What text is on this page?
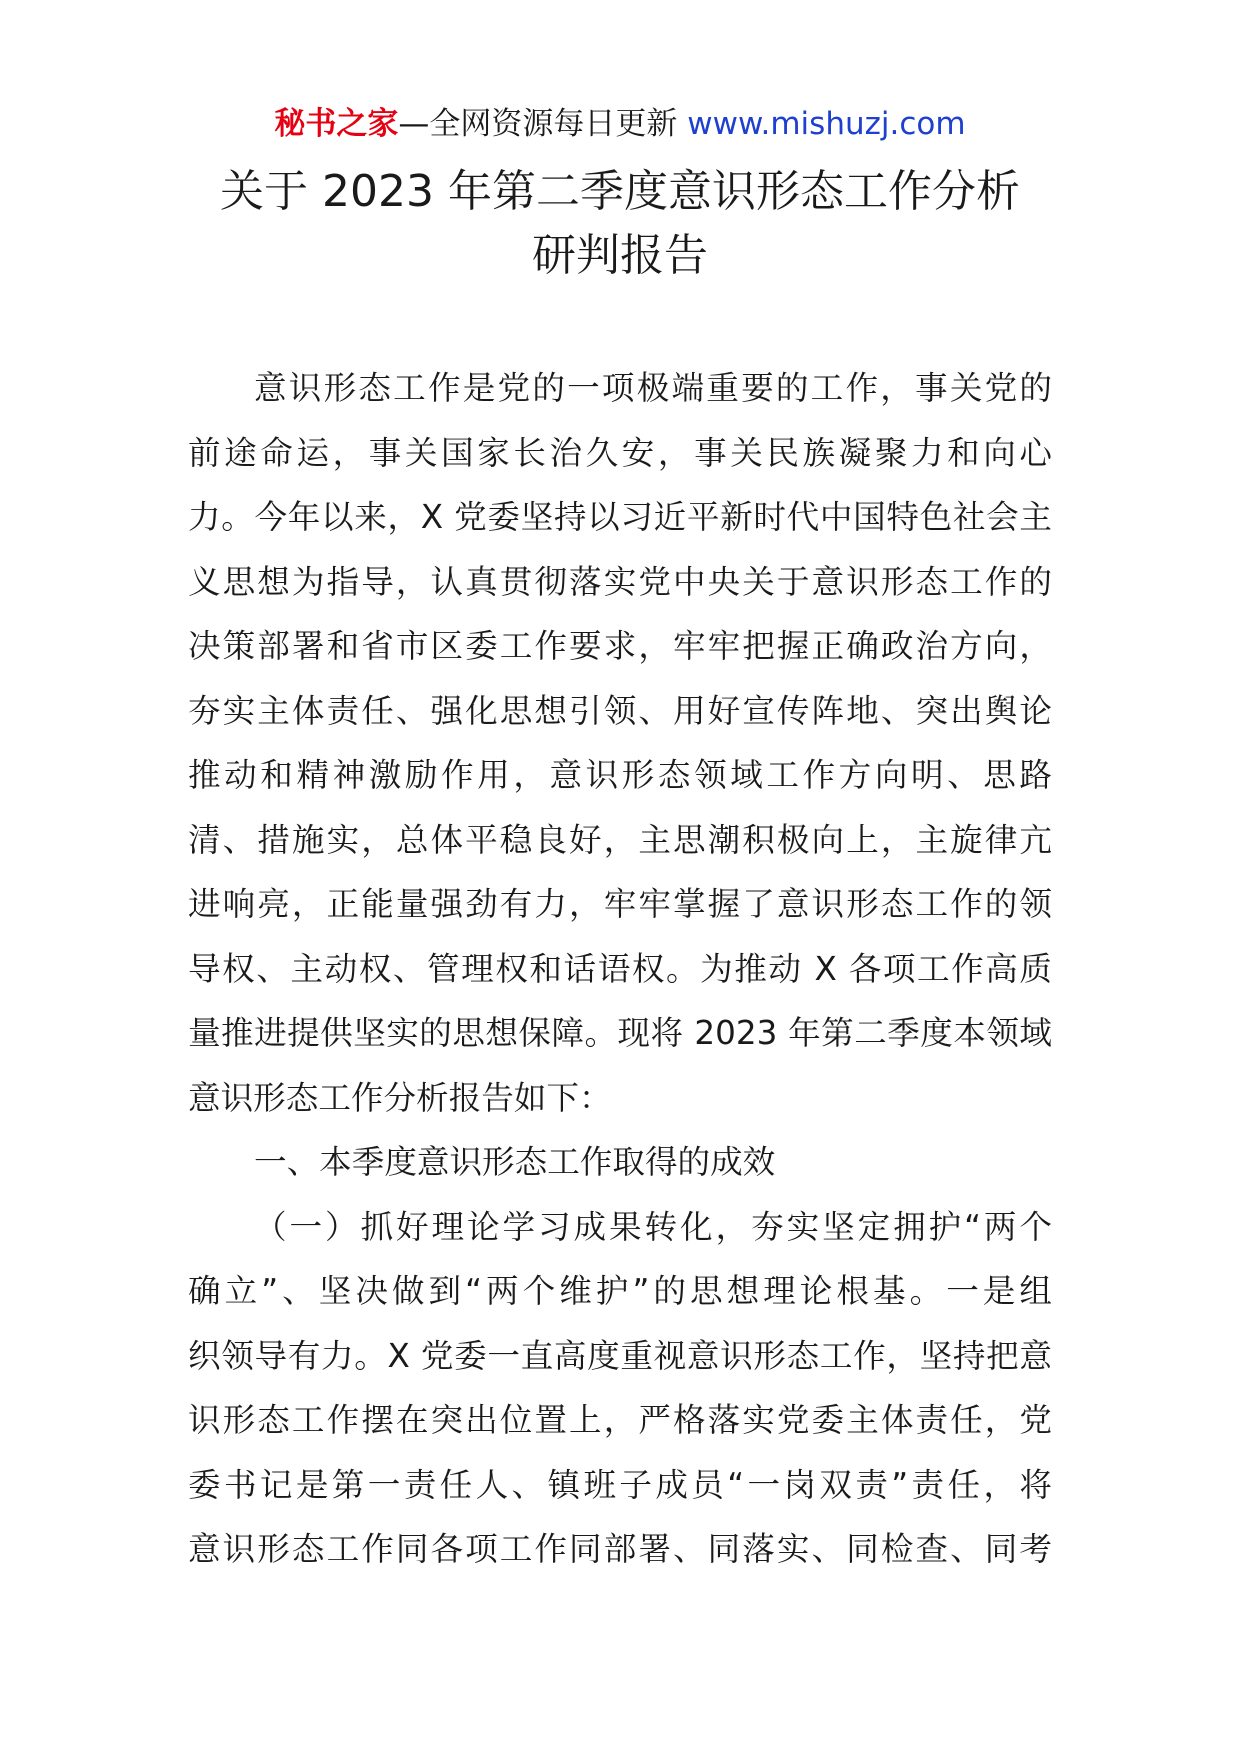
秘书之家—全网资源每日更新 www.mishuzj.com
关于 2023 年第二季度意识形态工作分析
研判报告
意识形态工作是党的一项极端重要的工作，事关党的
前途命运，事关国家长治久安，事关民族凝聚力和向心
力。今年以来，X 党委坚持以习近平新时代中国特色社会主
义思想为指导，认真贯彻落实党中央关于意识形态工作的
决策部署和省市区委工作要求，牢牢把握正确政治方向，
夯实主体责任、强化思想引领、用好宣传阵地、突出舆论
推动和精神激励作用，意识形态领域工作方向明、思路
清、措施实，总体平稳良好，主思潮积极向上，主旋律亢
进响亮，正能量强劲有力，牢牢掌握了意识形态工作的领
导权、主动权、管理权和话语权。为推动 X 各项工作高质
量推进提供坚实的思想保障。现将 2023 年第二季度本领域
意识形态工作分析报告如下：
一、本季度意识形态工作取得的成效
（一）抓好理论学习成果转化，夯实坚定拥护“两个
确立”、坚决做到“两个维护”的思想理论根基。一是组
织领导有力。X 党委一直高度重视意识形态工作，坚持把意
识形态工作摆在突出位置上，严格落实党委主体责任，党
委书记是第一责任人、镇班子成员“一岗双责”责任，将
意识形态工作同各项工作同部署、同落实、同检查、同考
